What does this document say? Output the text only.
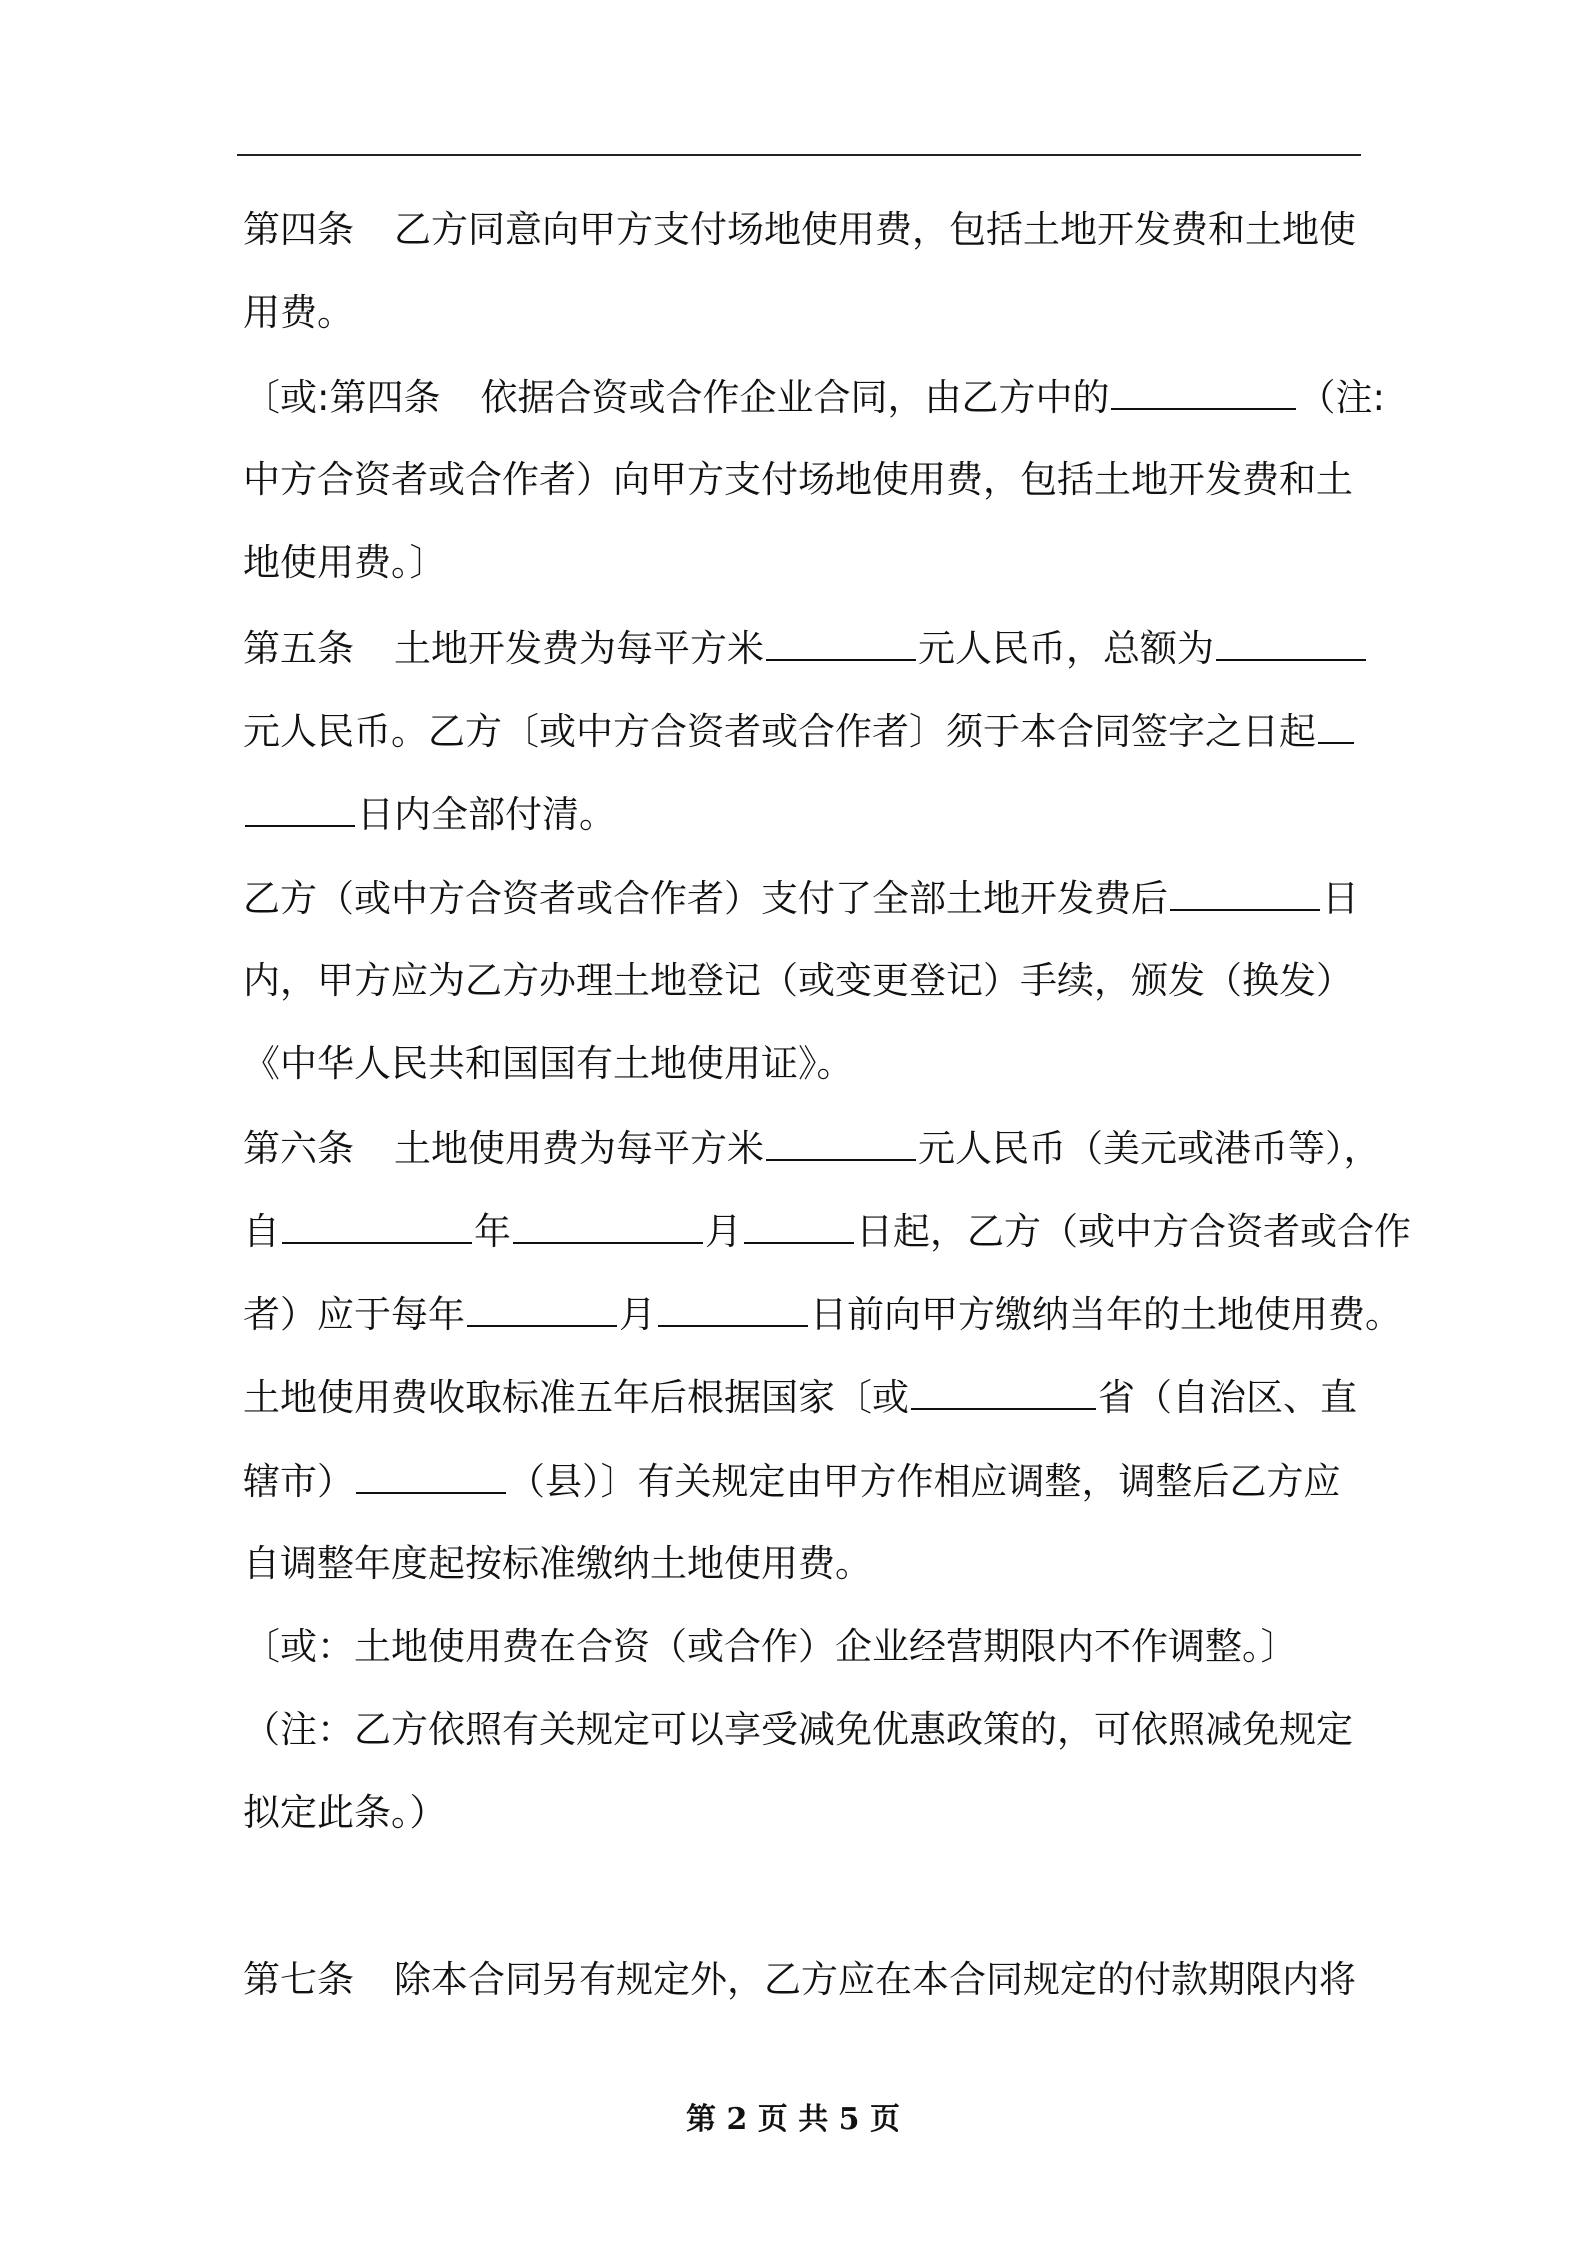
第四条 乙方同意向甲方支付场地使用费，包括土地开发费和土地使
用费。
〔或:第四条 依据合资或合作企业合同，由乙方中的	（注:
中方合资者或合作者）向甲方支付场地使用费，包括土地开发费和土
地使用费。〕
第五条 土地开发费为每平方米	元人民币，总额为
元人民币。乙方〔或中方合资者或合作者〕须于本合同签字之日起
日内全部付清。
乙方（或中方合资者或合作者）支付了全部土地开发费后	日
内，甲方应为乙方办理土地登记（或变更登记）手续，颁发（换发）
《中华人民共和国国有土地使用证》。
第六条 土地使用费为每平方米	元人民币（美元或港币等），
自	年	月	日起，乙方（或中方合资者或合作
者）应于每年	月	日前向甲方缴纳当年的土地使用费。
土地使用费收取标准五年后根据国家〔或	省（自治区、直
辖市）	（县）〕有关规定由甲方作相应调整，调整后乙方应
自调整年度起按标准缴纳土地使用费。
〔或：土地使用费在合资（或合作）企业经营期限内不作调整。〕
（注：乙方依照有关规定可以享受减免优惠政策的，可依照减免规定
拟定此条。）
第七条 除本合同另有规定外，乙方应在本合同规定的付款期限内将
第 2 页 共 5 页
